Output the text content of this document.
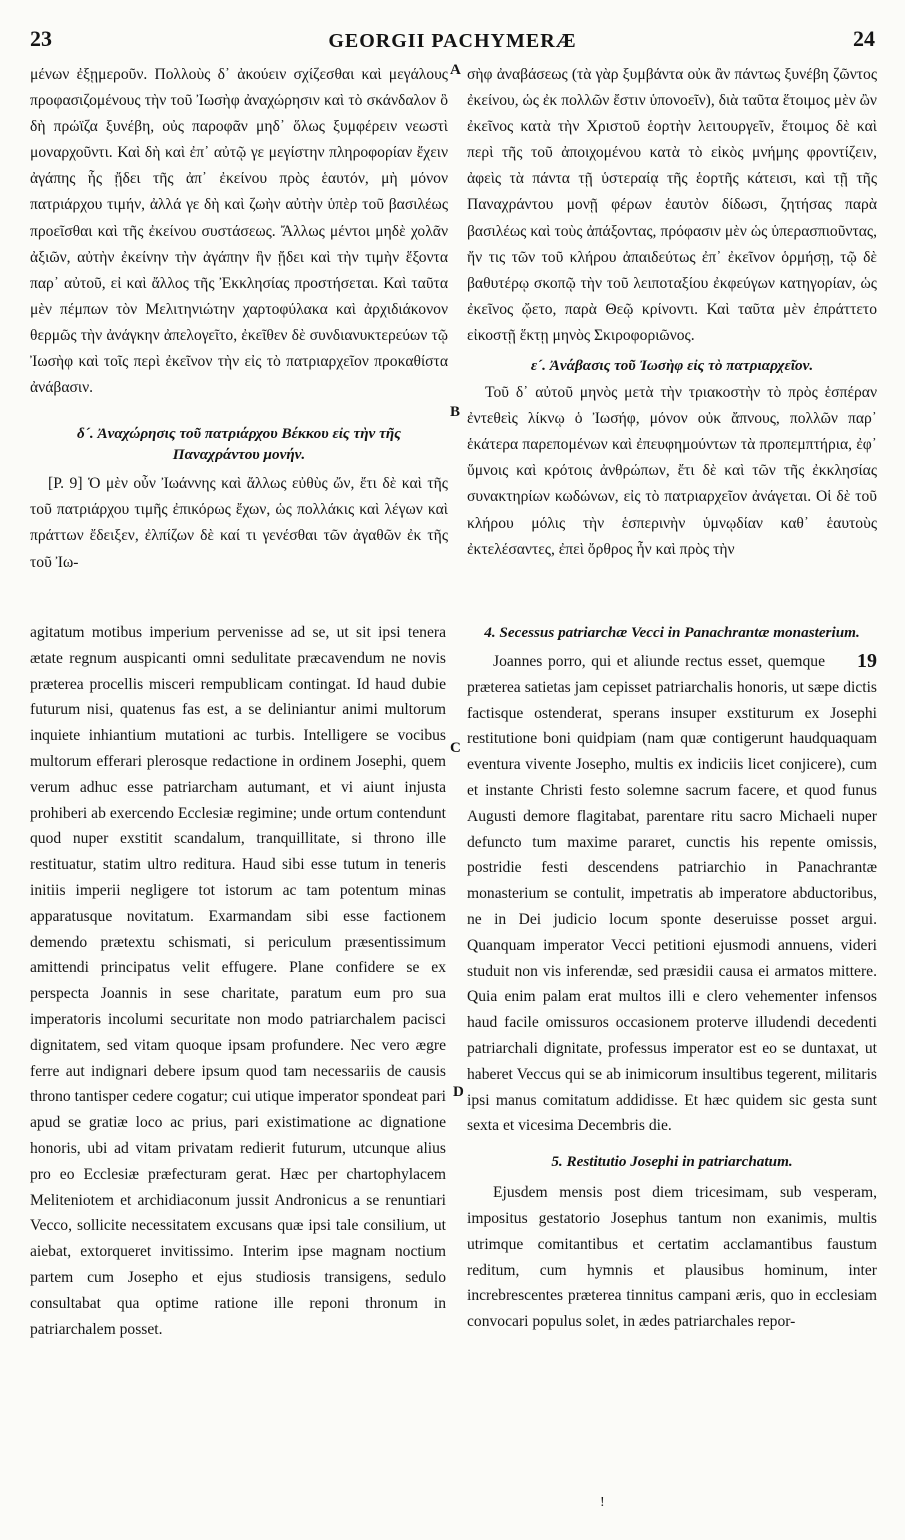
23	GEORGII PACHYMERÆ	24

μένων ἐξῃμεροῦν. Πολλοὺς δ᾽ ἀκούειν σχίζεσθαι καὶ μεγάλους προφασιζομένους τὴν τοῦ Ἰωσὴφ ἀναχώρησιν καὶ τὸ σκάνδαλον ὃ δὴ πρώϊζα ξυνέβη, οὐς παροφᾶν μηδ᾽ ὅλως ξυμφέρειν νεωστὶ μοναρχοῦντι. Καὶ δὴ καὶ ἐπ᾽ αὐτῷ γε μεγίστην πληροφορίαν ἔχειν ἀγάπης ἧς ᾔδει τῆς ἀπ᾽ ἐκείνου πρὸς ἑαυτόν, μὴ μόνον πατριάρχου τιμήν, ἀλλά γε δὴ καὶ ζωὴν αὐτὴν ὑπὲρ τοῦ βασιλέως προεῖσθαι καὶ τῆς ἐκείνου συστάσεως. Ἄλλως μέντοι μηδὲ χολᾶν ἀξιῶν, αὐτὴν ἐκείνην τὴν ἀγάπην ἣν ᾔδει καὶ τὴν τιμὴν ἕξοντα παρ᾽ αὐτοῦ, εἰ καὶ ἄλλος τῆς Ἐκκλησίας προστήσεται. Καὶ ταῦτα μὲν πέμπων τὸν Μελιτηνιώτην χαρτοφύλακα καὶ ἀρχιδιάκονον θερμῶς τὴν ἀνάγκην ἀπελογεῖτο, ἐκεῖθεν δὲ συνδιανυκτερεύων τῷ Ἰωσὴφ καὶ τοῖς περὶ ἐκεῖνον τὴν εἰς τὸ πατριαρχεῖον προκαθίστα ἀνάβασιν.

δ´. Ἀναχώρησις τοῦ πατριάρχου Βέκκου εἰς τὴν τῆς Παναχράντου μονήν.

[P. 9] Ὁ μὲν οὖν Ἰωάννης καὶ ἄλλως εὐθὺς ὤν, ἔτι δὲ καὶ τῆς τοῦ πατριάρχου τιμῆς ἐπικόρως ἔχων, ὡς πολλάκις καὶ λέγων καὶ πράττων ἔδειξεν, ἐλπίζων δὲ καί τι γενέσθαι τῶν ἀγαθῶν ἐκ τῆς τοῦ Ἰω-

σὴφ ἀναβάσεως (τὰ γὰρ ξυμβάντα οὐκ ἂν πάντως ξυνέβη ζῶντος ἐκείνου, ὡς ἐκ πολλῶν ἔστιν ὑπονοεῖν), διὰ ταῦτα ἕτοιμος μὲν ὢν ἐκεῖνος κατὰ τὴν Χριστοῦ ἑορτὴν λειτουργεῖν, ἕτοιμος δὲ καὶ περὶ τῆς τοῦ ἀποιχομένου κατὰ τὸ εἰκὸς μνήμης φροντίζειν, ἀφεὶς τὰ πάντα τῇ ὑστεραίᾳ τῆς ἑορτῆς κάτεισι, καὶ τῇ τῆς Παναχράντου μονῇ φέρων ἑαυτὸν δίδωσι, ζητήσας παρὰ βασιλέως καὶ τοὺς ἀπάξοντας, πρόφασιν μὲν ὡς ὑπερασπιοῦντας, ἤν τις τῶν τοῦ κλήρου ἀπαιδεύτως ἐπ᾽ ἐκεῖνον ὁρμήσῃ, τῷ δὲ βαθυτέρῳ σκοπῷ τὴν τοῦ λειποταξίου ἐκφεύγων κατηγορίαν, ὡς ἐκεῖνος ᾤετο, παρὰ Θεῷ κρίνοντι. Καὶ ταῦτα μὲν ἐπράττετο εἰκοστῇ ἕκτῃ μηνὸς Σκιροφοριῶνος.

ε´. Ἀνάβασις τοῦ Ἰωσὴφ εἰς τὸ πατριαρχεῖον.

Τοῦ δ᾽ αὐτοῦ μηνὸς μετὰ τὴν τριακοστὴν τὸ πρὸς ἑσπέραν ἐντεθεὶς λίκνῳ ὁ Ἰωσήφ, μόνον οὐκ ἄπνους, πολλῶν παρ᾽ ἑκάτερα παρεπομένων καὶ ἐπευφημούντων τὰ προπεμπτήρια, ἐφ᾽ ὕμνοις καὶ κρότοις ἀνθρώπων, ἔτι δὲ καὶ τῶν τῆς ἐκκλησίας συνακτηρίων κωδώνων, εἰς τὸ πατριαρχεῖον ἀνάγεται. Οἱ δὲ τοῦ κλήρου μόλις τὴν ἑσπερινὴν ὑμνῳδίαν καθ᾽ ἑαυτοὺς ἐκτελέσαντες, ἐπεὶ ὄρθρος ἦν καὶ πρὸς τὴν

agitatum motibus imperium pervenisse ad se, ut sit ipsi tenera ætate regnum auspicanti omni sedulitate præcavendum ne novis præterea procellis misceri rempublicam contingat. Id haud dubie futurum nisi, quatenus fas est, a se deliniantur animi multorum inquiete inhiantium mutationi ac turbis. Intelligere se vocibus multorum efferari plerosque redactione in ordinem Josephi, quem verum adhuc esse patriarcham autumant, et vi aiunt injusta prohiberi ab exercendo Ecclesiæ regimine; unde ortum contendunt quod nuper exstitit scandalum, tranquillitate, si throno ille restituatur, statim ultro reditura. Haud sibi esse tutum in teneris initiis imperii negligere tot istorum ac tam potentum minas apparatusque novitatum. Exarmandam sibi esse factionem demendo prætextu schismati, si periculum præsentissimum amittendi principatus velit effugere. Plane confidere se ex perspecta Joannis in sese charitate, paratum eum pro sua imperatoris incolumi securitate non modo patriarchalem pacisci dignitatem, sed vitam quoque ipsam profundere. Nec vero ægre ferre aut indignari debere ipsum quod tam necessariis de causis throno tantisper cedere cogatur; cui utique imperator spondeat pari apud se gratiæ loco ac prius, pari existimatione ac dignatione honoris, ubi ad vitam privatam redierit futurum, utcunque alius pro eo Ecclesiæ præfecturam gerat. Hæc per chartophylacem Meliteniotem et archidiaconum jussit Andronicus a se renuntiari Vecco, sollicite necessitatem excusans quæ ipsi tale consilium, ut aiebat, extorqueret invitissimo. Interim ipse magnam noctium partem cum Josepho et ejus studiosis transigens, sedulo consultabat qua optime ratione ille reponi thronum in patriarchalem posset.

4. Secessus patriarchæ Vecci in Panachrantæ monasterium.

19
Joannes porro, qui et aliunde rectus esset, quemque præterea satietas jam cepisset patriarchalis honoris, ut sæpe dictis factisque ostenderat, sperans insuper exstiturum ex Josephi restitutione boni quidpiam (nam quæ contigerunt haudquaquam eventura vivente Josepho, multis ex indiciis licet conjicere), cum et instante Christi festo solemne sacrum facere, et quod funus Augusti demore flagitabat, parentare ritu sacro Michaeli nuper defuncto tum maxime pararet, cunctis his repente omissis, postridie festi descendens patriarchio in Panachrantæ monasterium se contulit, impetratis ab imperatore abductoribus, ne in Dei judicio locum sponte deseruisse posset argui. Quanquam imperator Vecci petitioni ejusmodi annuens, videri studuit non vis inferendæ, sed præsidii causa ei armatos mittere. Quia enim palam erat multos illi e clero vehementer infensos haud facile omissuros occasionem proterve illudendi decedenti patriarchali dignitate, professus imperator est eo se duntaxat, ut haberet Veccus qui se ab inimicorum insultibus tegerent, militaris ipsi manus comitatum addidisse. Et hæc quidem sic gesta sunt sexta et vicesima Decembris die.

5. Restitutio Josephi in patriarchatum.

Ejusdem mensis post diem tricesimam, sub vesperam, impositus gestatorio Josephus tantum non exanimis, multis utrimque comitantibus et certatim acclamantibus faustum reditum, cum hymnis et plausibus hominum, inter increbrescentes præterea tinnitus campani æris, quo in ecclesiam convocari populus solet, in ædes patriarchales repor-

A
B
C
D
!
